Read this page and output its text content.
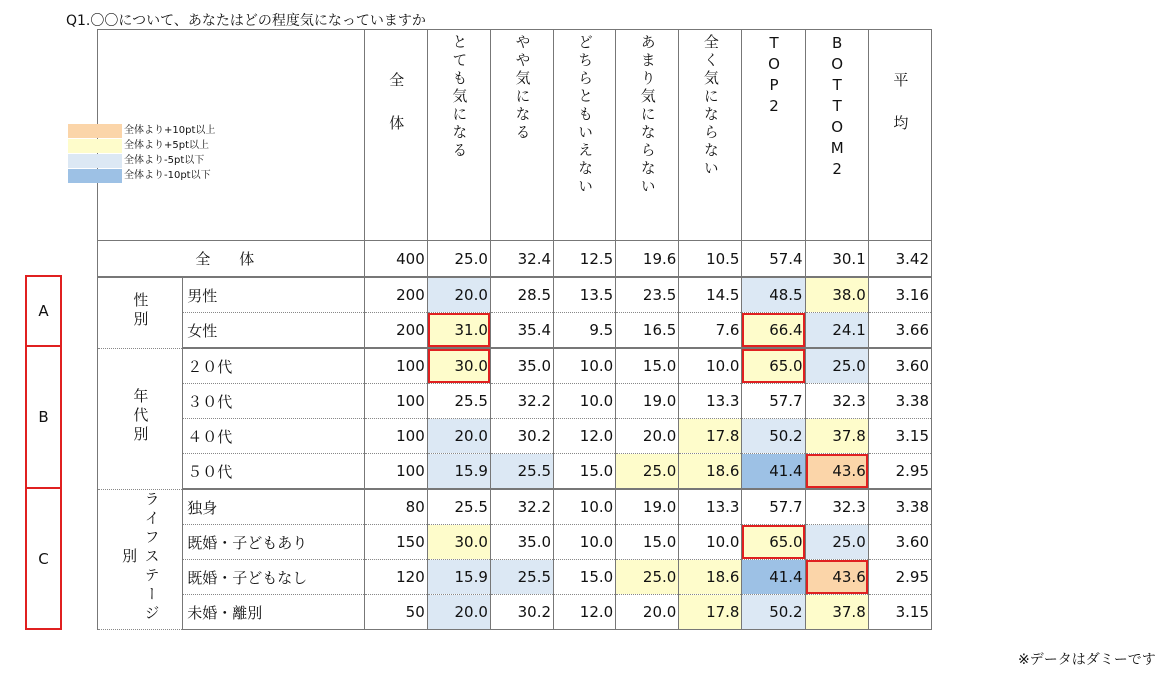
Q1.〇〇について、あなたはどの程度気になっていますか
		全体	とても気になる	やや気になる	どちらともいえない	あまり気にならない	全く気にならない	TOP2	BOTTOM2	平均
全 体		400	25.0	32.4	12.5	19.6	10.5	57.4	30.1	3.42
性別	男性	200	20.0	28.5	13.5	23.5	14.5	48.5	38.0	3.16
	女性	200	31.0	35.4	9.5	16.5	7.6	66.4	24.1	3.66
年代別	２０代	100	30.0	35.0	10.0	15.0	10.0	65.0	25.0	3.60
	３０代	100	25.5	32.2	10.0	19.0	13.3	57.7	32.3	3.38
	４０代	100	20.0	30.2	12.0	20.0	17.8	50.2	37.8	3.15
	５０代	100	15.9	25.5	15.0	25.0	18.6	41.4	43.6	2.95
ライフステージ別	独身	80	25.5	32.2	10.0	19.0	13.3	57.7	32.3	3.38
	既婚・子どもあり	150	30.0	35.0	10.0	15.0	10.0	65.0	25.0	3.60
	既婚・子どもなし	120	15.9	25.5	15.0	25.0	18.6	41.4	43.6	2.95
	未婚・離別	50	20.0	30.2	12.0	20.0	17.8	50.2	37.8	3.15
全体より+10pt以上
全体より+5pt以上
全体より-5pt以下
全体より-10pt以下
A
B
C
※データはダミーです
